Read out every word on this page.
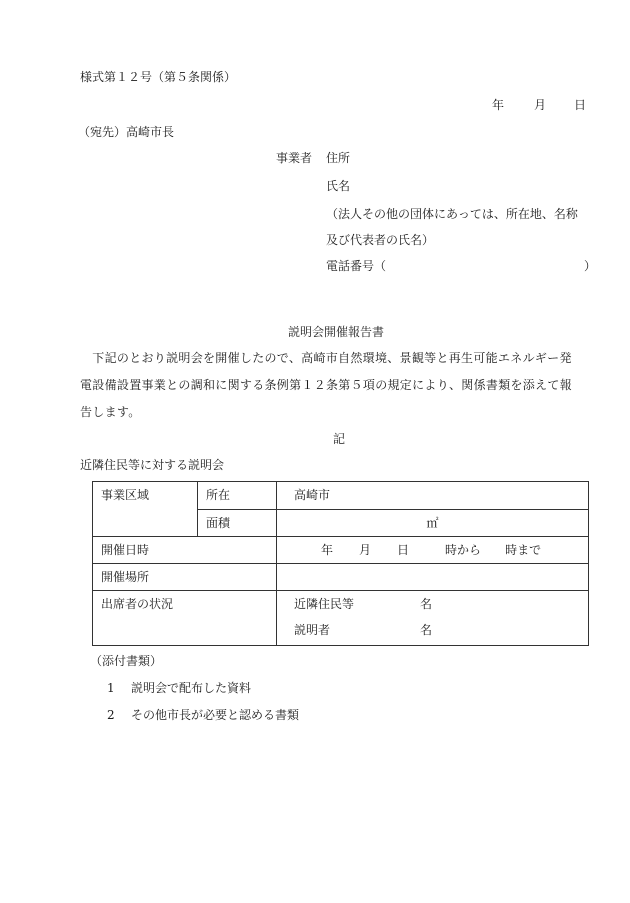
様式第１２号（第５条関係）
年 月 日
（宛先）高崎市長
事業者 住所
氏名
（法人その他の団体にあっては、所在地、名称
及び代表者の氏名）
電話番号（	）
説明会開催報告書
　下記のとおり説明会を開催したので、高崎市自然環境、景観等と再生可能エネルギー発
電設備設置事業との調和に関する条例第１２条第５項の規定により、関係書類を添えて報
告します。
記
近隣住民等に対する説明会
事業区域	所在	高崎市
	面積	㎡
開催日時		年 月 日 時から 時まで
開催場所		
出席者の状況		近隣住民等 名
説明者 名
（添付書類）
1 説明会で配布した資料
2 その他市長が必要と認める書類
